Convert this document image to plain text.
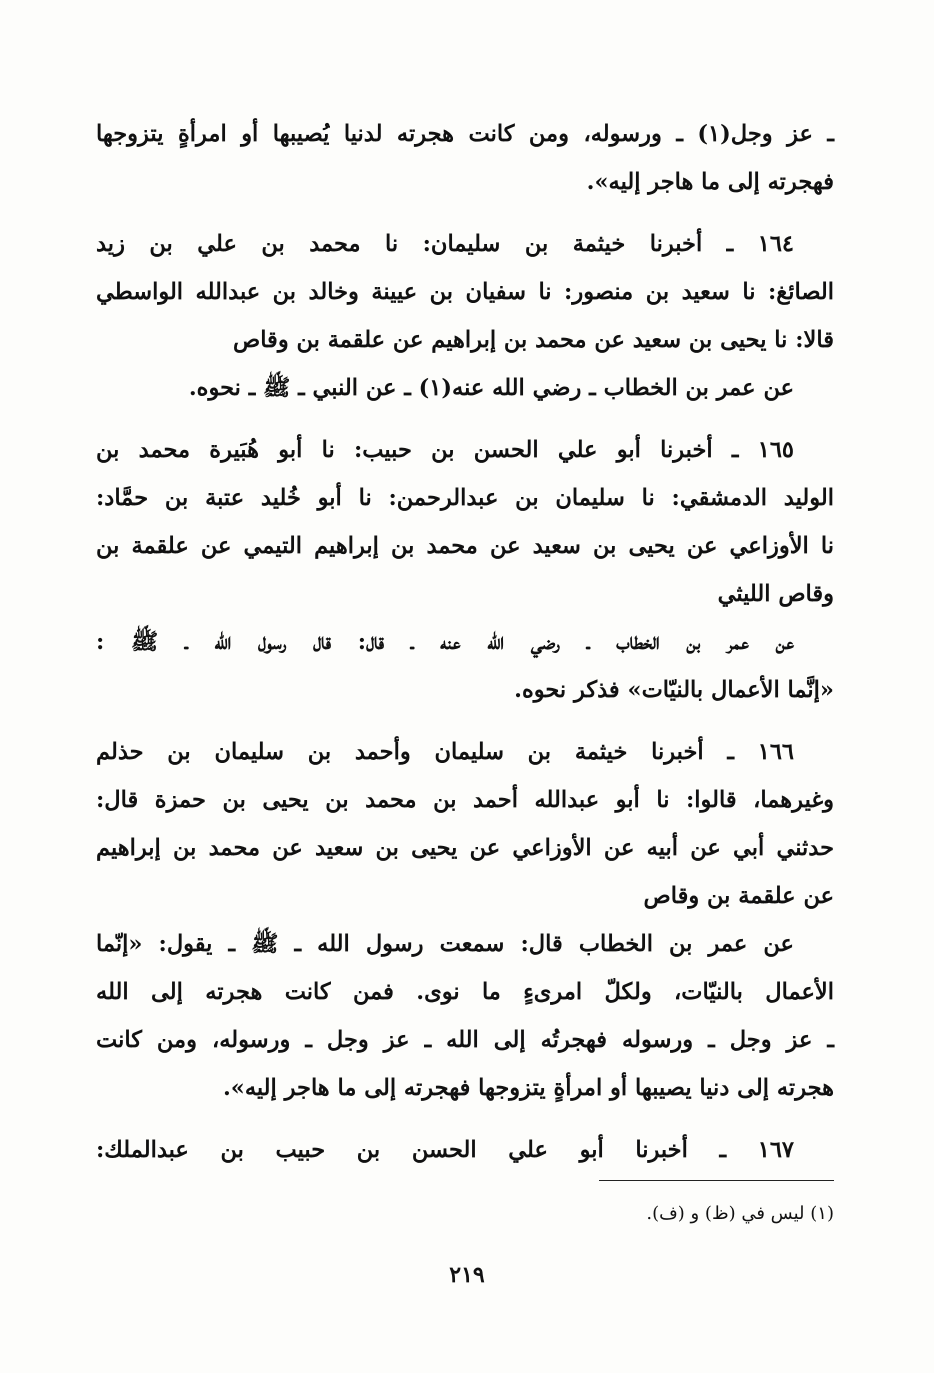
ـ عز وجل(١) ـ ورسوله، ومن كانت هجرته لدنيا يُصيبها أو امرأةٍ يتزوجها
فهجرته إلى ما هاجر إليه».
١٦٤ ـ أخبرنا خيثمة بن سليمان: نا محمد بن علي بن زيد
الصائغ: نا سعيد بن منصور: نا سفيان بن عيينة وخالد بن عبدالله الواسطي
قالا: نا يحيى بن سعيد عن محمد بن إبراهيم عن علقمة بن وقاص
عن عمر بن الخطاب ـ رضي الله عنه(١) ـ عن النبي ـ ﷺ ـ نحوه.
١٦٥ ـ أخبرنا أبو علي الحسن بن حبيب: نا أبو هُبَيرة محمد بن
الوليد الدمشقي: نا سليمان بن عبدالرحمن: نا أبو خُليد عتبة بن حمَّاد:
نا الأوزاعي عن يحيى بن سعيد عن محمد بن إبراهيم التيمي عن علقمة بن
وقاص الليثي
عن عمر بن الخطاب ـ رضي الله عنه ـ قال: قال رسول الله ـ ﷺ :
«إنَّما الأعمال بالنيّات» فذكر نحوه.
١٦٦ ـ أخبرنا خيثمة بن سليمان وأحمد بن سليمان بن حذلم
وغيرهما، قالوا: نا أبو عبدالله أحمد بن محمد بن يحيى بن حمزة قال:
حدثني أبي عن أبيه عن الأوزاعي عن يحيى بن سعيد عن محمد بن إبراهيم
عن علقمة بن وقاص
عن عمر بن الخطاب قال: سمعت رسول الله ـ ﷺ ـ يقول: «إنّما
الأعمال بالنيّات، ولكلّ امرىءٍ ما نوى. فمن كانت هجرته إلى الله
ـ عز وجل ـ ورسوله فهجرتُه إلى الله ـ عز وجل ـ ورسوله، ومن كانت
هجرته إلى دنيا يصيبها أو امرأةٍ يتزوجها فهجرته إلى ما هاجر إليه».
١٦٧ ـ أخبرنا أبو علي الحسن بن حبيب بن عبدالملك:
(١) ليس في (ظ) و (ف).
٢١٩
